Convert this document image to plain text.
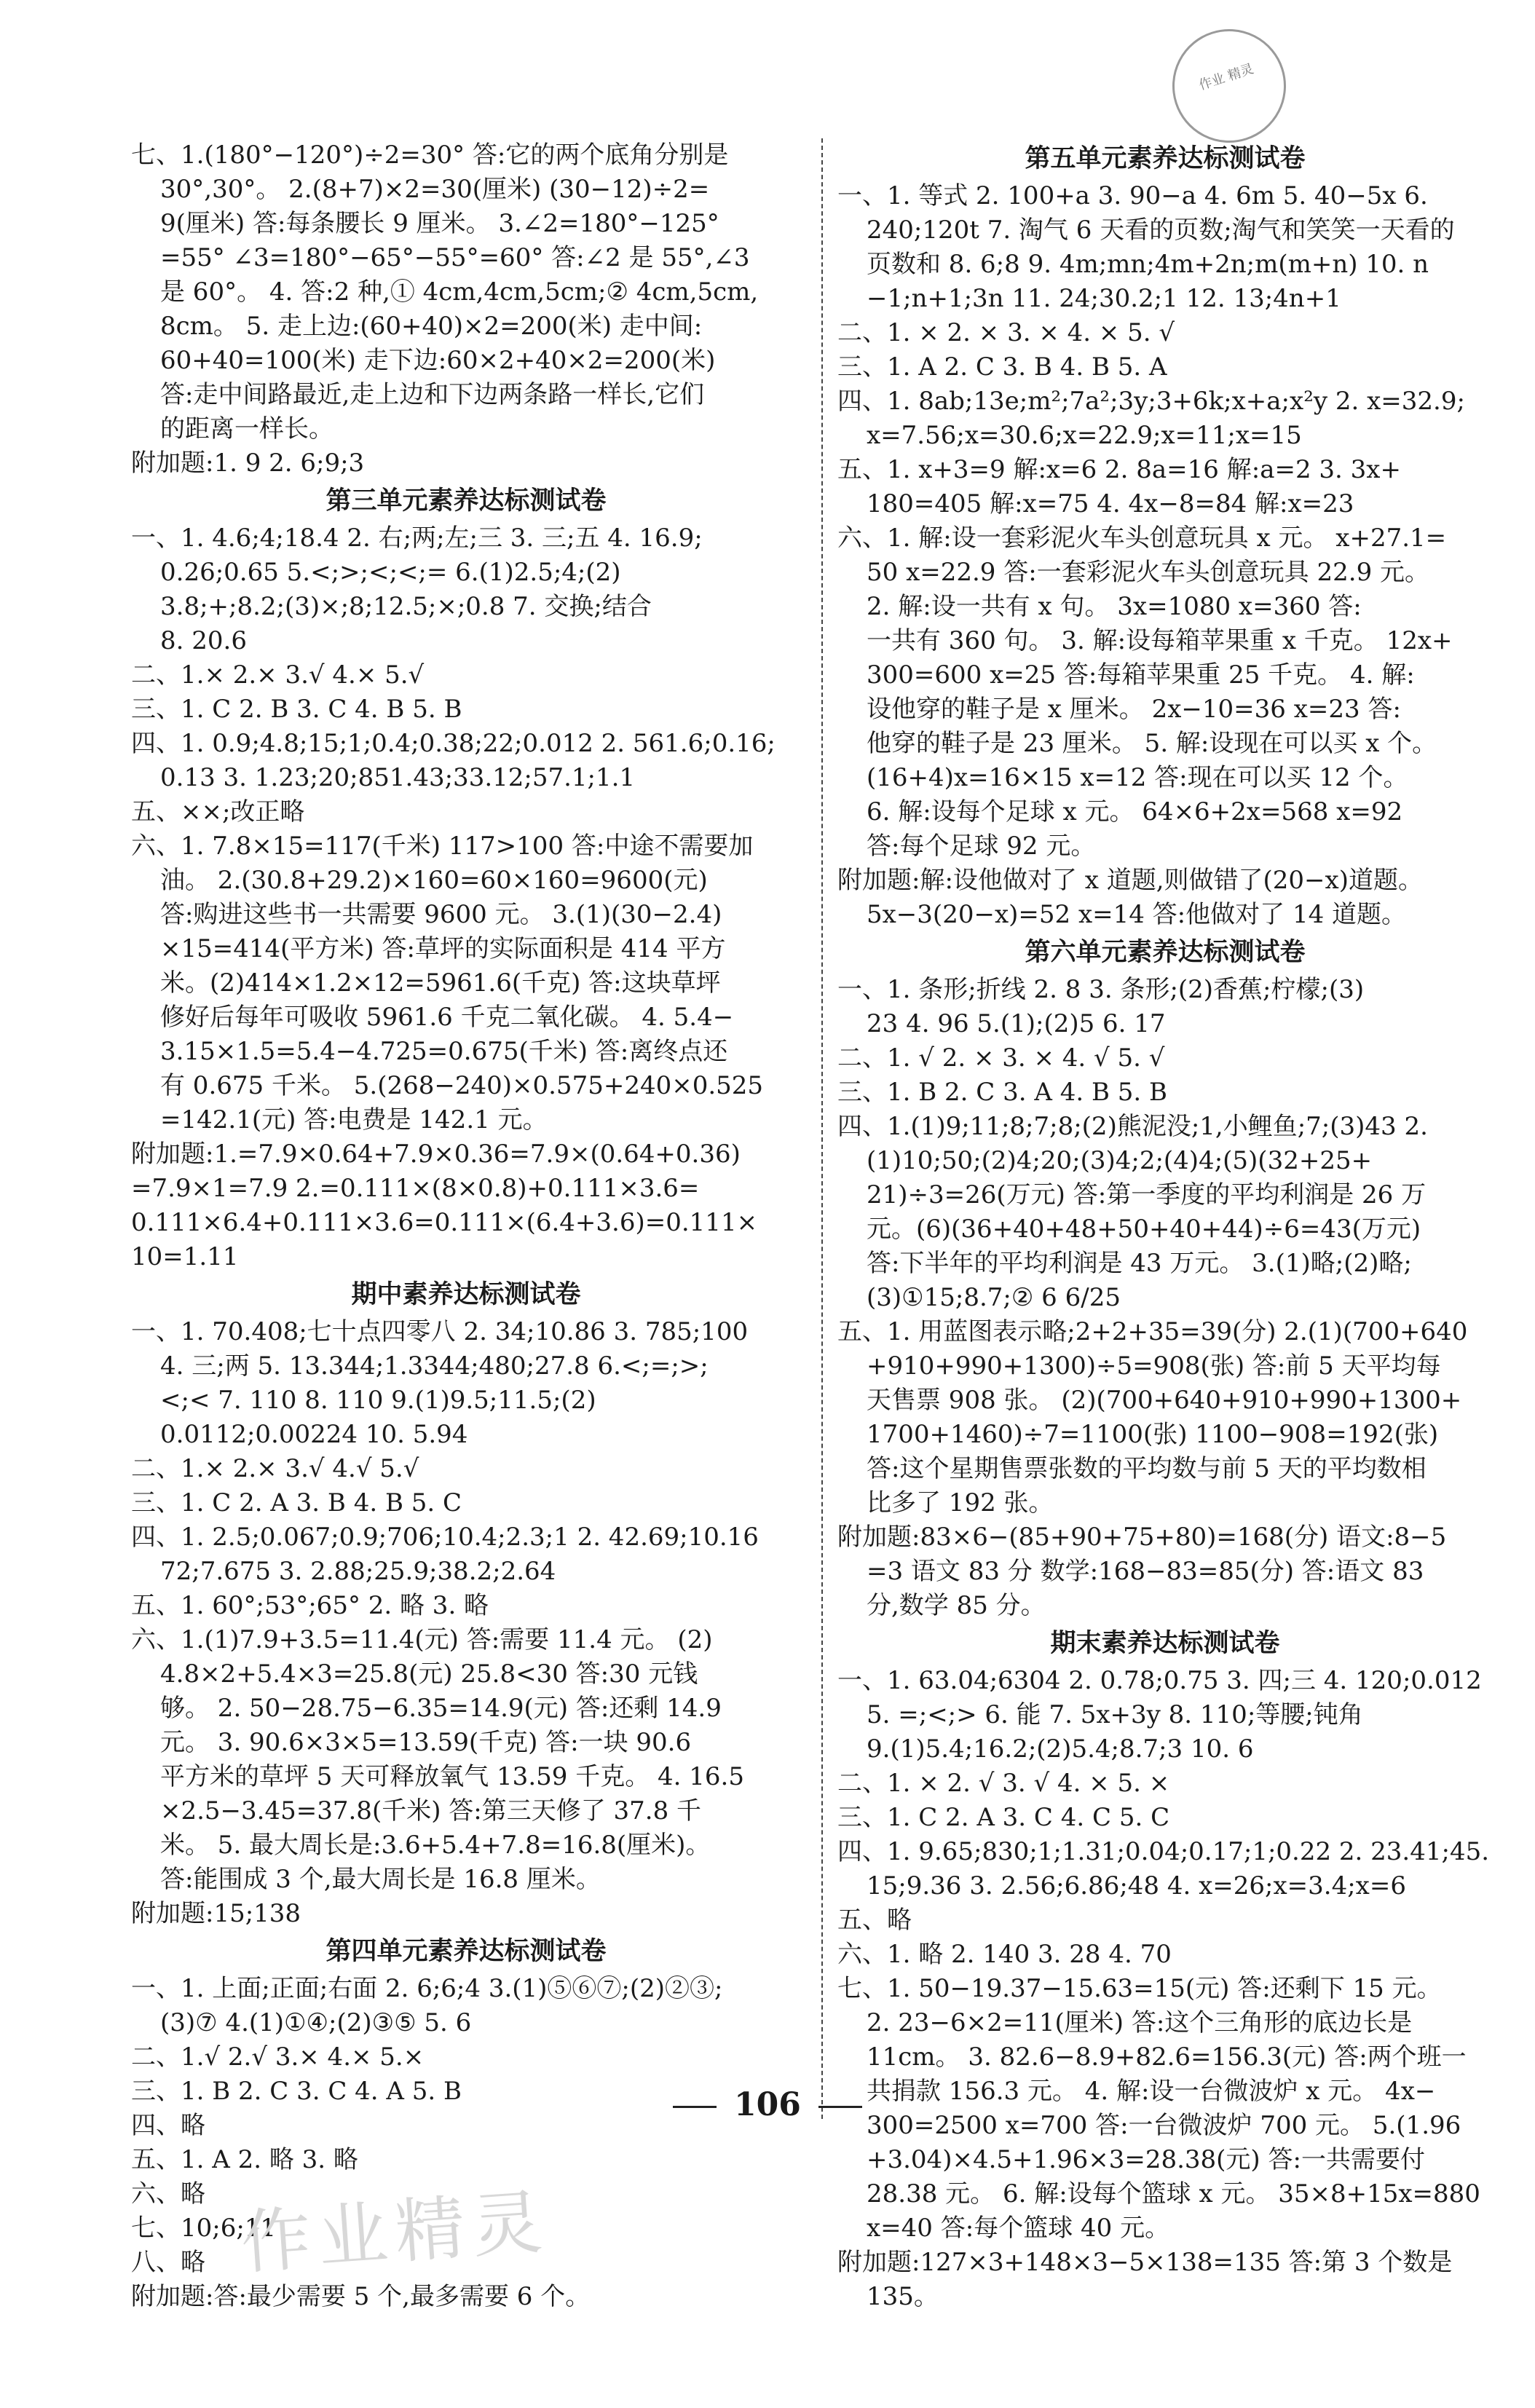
作业 精灵
七、1.(180°−120°)÷2=30° 答:它的两个底角分别是
30°,30°。 2.(8+7)×2=30(厘米) (30−12)÷2=
9(厘米) 答:每条腰长 9 厘米。 3.∠2=180°−125°
=55° ∠3=180°−65°−55°=60° 答:∠2 是 55°,∠3
是 60°。 4. 答:2 种,① 4cm,4cm,5cm;② 4cm,5cm,
8cm。 5. 走上边:(60+40)×2=200(米) 走中间:
60+40=100(米) 走下边:60×2+40×2=200(米)
答:走中间路最近,走上边和下边两条路一样长,它们
的距离一样长。
附加题:1. 9 2. 6;9;3
第三单元素养达标测试卷
一、1. 4.6;4;18.4 2. 右;两;左;三 3. 三;五 4. 16.9;
0.26;0.65 5.<;>;<;<;= 6.(1)2.5;4;(2)
3.8;+;8.2;(3)×;8;12.5;×;0.8 7. 交换;结合
8. 20.6
二、1.× 2.× 3.√ 4.× 5.√
三、1. C 2. B 3. C 4. B 5. B
四、1. 0.9;4.8;15;1;0.4;0.38;22;0.012 2. 561.6;0.16;
0.13 3. 1.23;20;851.43;33.12;57.1;1.1
五、××;改正略
六、1. 7.8×15=117(千米) 117>100 答:中途不需要加
油。 2.(30.8+29.2)×160=60×160=9600(元)
答:购进这些书一共需要 9600 元。 3.(1)(30−2.4)
×15=414(平方米) 答:草坪的实际面积是 414 平方
米。(2)414×1.2×12=5961.6(千克) 答:这块草坪
修好后每年可吸收 5961.6 千克二氧化碳。 4. 5.4−
3.15×1.5=5.4−4.725=0.675(千米) 答:离终点还
有 0.675 千米。 5.(268−240)×0.575+240×0.525
=142.1(元) 答:电费是 142.1 元。
附加题:1.=7.9×0.64+7.9×0.36=7.9×(0.64+0.36)
=7.9×1=7.9 2.=0.111×(8×0.8)+0.111×3.6=
0.111×6.4+0.111×3.6=0.111×(6.4+3.6)=0.111×
10=1.11
期中素养达标测试卷
一、1. 70.408;七十点四零八 2. 34;10.86 3. 785;100
4. 三;两 5. 13.344;1.3344;480;27.8 6.<;=;>;
<;< 7. 110 8. 110 9.(1)9.5;11.5;(2)
0.0112;0.00224 10. 5.94
二、1.× 2.× 3.√ 4.√ 5.√
三、1. C 2. A 3. B 4. B 5. C
四、1. 2.5;0.067;0.9;706;10.4;2.3;1 2. 42.69;10.16
72;7.675 3. 2.88;25.9;38.2;2.64
五、1. 60°;53°;65° 2. 略 3. 略
六、1.(1)7.9+3.5=11.4(元) 答:需要 11.4 元。 (2)
4.8×2+5.4×3=25.8(元) 25.8<30 答:30 元钱
够。 2. 50−28.75−6.35=14.9(元) 答:还剩 14.9
元。 3. 90.6×3×5=13.59(千克) 答:一块 90.6
平方米的草坪 5 天可释放氧气 13.59 千克。 4. 16.5
×2.5−3.45=37.8(千米) 答:第三天修了 37.8 千
米。 5. 最大周长是:3.6+5.4+7.8=16.8(厘米)。
答:能围成 3 个,最大周长是 16.8 厘米。
附加题:15;138
第四单元素养达标测试卷
一、1. 上面;正面;右面 2. 6;6;4 3.(1)⑤⑥⑦;(2)②③;
(3)⑦ 4.(1)①④;(2)③⑤ 5. 6
二、1.√ 2.√ 3.× 4.× 5.×
三、1. B 2. C 3. C 4. A 5. B
四、略
五、1. A 2. 略 3. 略
六、略
七、10;6;11
八、略
附加题:答:最少需要 5 个,最多需要 6 个。
第五单元素养达标测试卷
一、1. 等式 2. 100+a 3. 90−a 4. 6m 5. 40−5x 6.
240;120t 7. 淘气 6 天看的页数;淘气和笑笑一天看的
页数和 8. 6;8 9. 4m;mn;4m+2n;m(m+n) 10. n
−1;n+1;3n 11. 24;30.2;1 12. 13;4n+1
二、1. × 2. × 3. × 4. × 5. √
三、1. A 2. C 3. B 4. B 5. A
四、1. 8ab;13e;m²;7a²;3y;3+6k;x+a;x²y 2. x=32.9;
x=7.56;x=30.6;x=22.9;x=11;x=15
五、1. x+3=9 解:x=6 2. 8a=16 解:a=2 3. 3x+
180=405 解:x=75 4. 4x−8=84 解:x=23
六、1. 解:设一套彩泥火车头创意玩具 x 元。 x+27.1=
50 x=22.9 答:一套彩泥火车头创意玩具 22.9 元。
2. 解:设一共有 x 句。 3x=1080 x=360 答:
一共有 360 句。 3. 解:设每箱苹果重 x 千克。 12x+
300=600 x=25 答:每箱苹果重 25 千克。 4. 解:
设他穿的鞋子是 x 厘米。 2x−10=36 x=23 答:
他穿的鞋子是 23 厘米。 5. 解:设现在可以买 x 个。
(16+4)x=16×15 x=12 答:现在可以买 12 个。
6. 解:设每个足球 x 元。 64×6+2x=568 x=92
答:每个足球 92 元。
附加题:解:设他做对了 x 道题,则做错了(20−x)道题。
5x−3(20−x)=52 x=14 答:他做对了 14 道题。
第六单元素养达标测试卷
一、1. 条形;折线 2. 8 3. 条形;(2)香蕉;柠檬;(3)
23 4. 96 5.(1);(2)5 6. 17
二、1. √ 2. × 3. × 4. √ 5. √
三、1. B 2. C 3. A 4. B 5. B
四、1.(1)9;11;8;7;8;(2)熊泥没;1,小鲤鱼;7;(3)43 2.
(1)10;50;(2)4;20;(3)4;2;(4)4;(5)(32+25+
21)÷3=26(万元) 答:第一季度的平均利润是 26 万
元。(6)(36+40+48+50+40+44)÷6=43(万元)
答:下半年的平均利润是 43 万元。 3.(1)略;(2)略;
(3)①15;8.7;② 6 6/25
五、1. 用蓝图表示略;2+2+35=39(分) 2.(1)(700+640
+910+990+1300)÷5=908(张) 答:前 5 天平均每
天售票 908 张。 (2)(700+640+910+990+1300+
1700+1460)÷7=1100(张) 1100−908=192(张)
答:这个星期售票张数的平均数与前 5 天的平均数相
比多了 192 张。
附加题:83×6−(85+90+75+80)=168(分) 语文:8−5
=3 语文 83 分 数学:168−83=85(分) 答:语文 83
分,数学 85 分。
期末素养达标测试卷
一、1. 63.04;6304 2. 0.78;0.75 3. 四;三 4. 120;0.012
5. =;<;> 6. 能 7. 5x+3y 8. 110;等腰;钝角
9.(1)5.4;16.2;(2)5.4;8.7;3 10. 6
二、1. × 2. √ 3. √ 4. × 5. ×
三、1. C 2. A 3. C 4. C 5. C
四、1. 9.65;830;1;1.31;0.04;0.17;1;0.22 2. 23.41;45.
15;9.36 3. 2.56;6.86;48 4. x=26;x=3.4;x=6
五、略
六、1. 略 2. 140 3. 28 4. 70
七、1. 50−19.37−15.63=15(元) 答:还剩下 15 元。
2. 23−6×2=11(厘米) 答:这个三角形的底边长是
11cm。 3. 82.6−8.9+82.6=156.3(元) 答:两个班一
共捐款 156.3 元。 4. 解:设一台微波炉 x 元。 4x−
300=2500 x=700 答:一台微波炉 700 元。 5.(1.96
+3.04)×4.5+1.96×3=28.38(元) 答:一共需要付
28.38 元。 6. 解:设每个篮球 x 元。 35×8+15x=880
x=40 答:每个篮球 40 元。
附加题:127×3+148×3−5×138=135 答:第 3 个数是
135。
106
作业精灵
